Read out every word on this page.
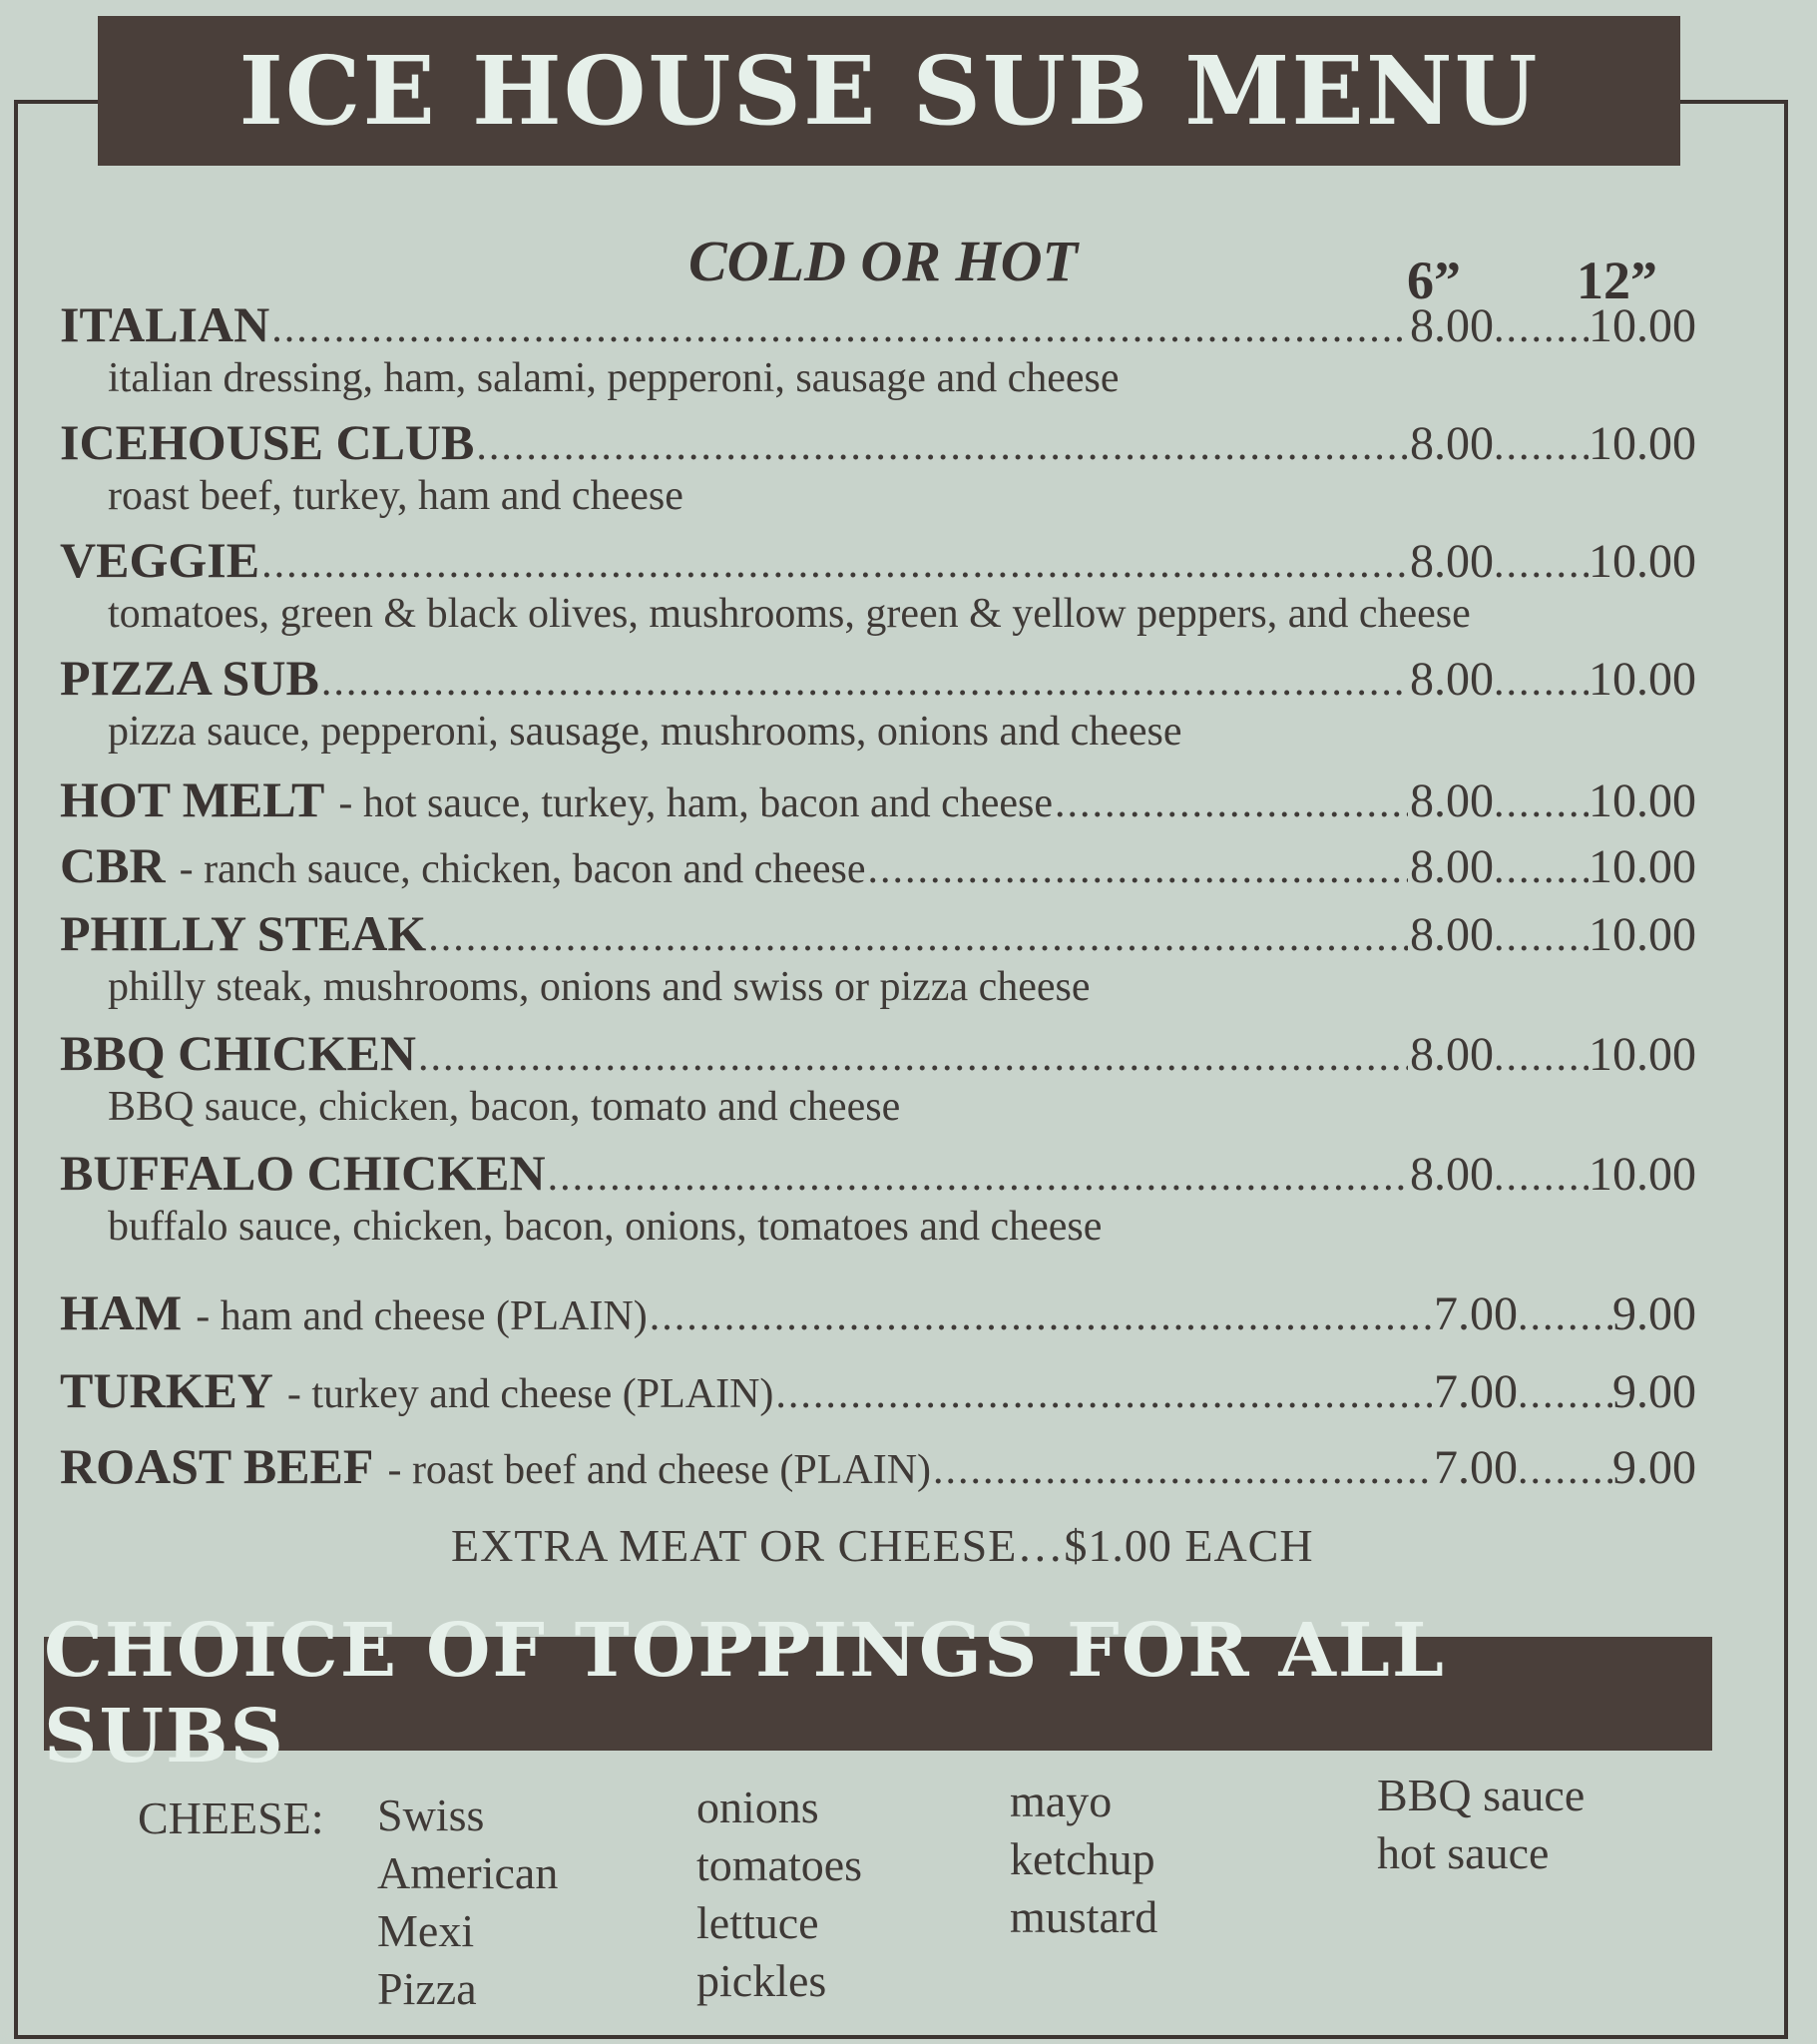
ICE HOUSE SUB MENU
COLD OR HOT	6” 12”
ITALIAN .....	8.00 ..... 10.00
italian dressing, ham, salami, pepperoni, sausage and cheese
ICEHOUSE CLUB .....	8.00 ..... 10.00
roast beef, turkey, ham and cheese
VEGGIE .....	8.00 ..... 10.00
tomatoes, green & black olives, mushrooms, green & yellow peppers, and cheese
PIZZA SUB .....	8.00 ..... 10.00
pizza sauce, pepperoni, sausage, mushrooms, onions and cheese
HOT MELT - hot sauce, turkey, ham, bacon and cheese .....	8.00 ..... 10.00
CBR - ranch sauce, chicken, bacon and cheese .....	8.00 ..... 10.00
PHILLY STEAK .....	8.00 ..... 10.00
philly steak, mushrooms, onions and swiss or pizza cheese
BBQ CHICKEN .....	8.00 ..... 10.00
BBQ sauce, chicken, bacon, tomato and cheese
BUFFALO CHICKEN .....	8.00 ..... 10.00
buffalo sauce, chicken, bacon, onions, tomatoes and cheese
HAM - ham and cheese (PLAIN) .....	7.00 ..... 9.00
TURKEY - turkey and cheese (PLAIN) .....	7.00 ..... 9.00
ROAST BEEF - roast beef and cheese (PLAIN) .....	7.00 ..... 9.00
EXTRA MEAT OR CHEESE…$1.00 EACH
CHOICE OF TOPPINGS FOR ALL SUBS
CHEESE: Swiss
American
Mexi
Pizza
onions
tomatoes
lettuce
pickles
mayo
ketchup
mustard
BBQ sauce
hot sauce
